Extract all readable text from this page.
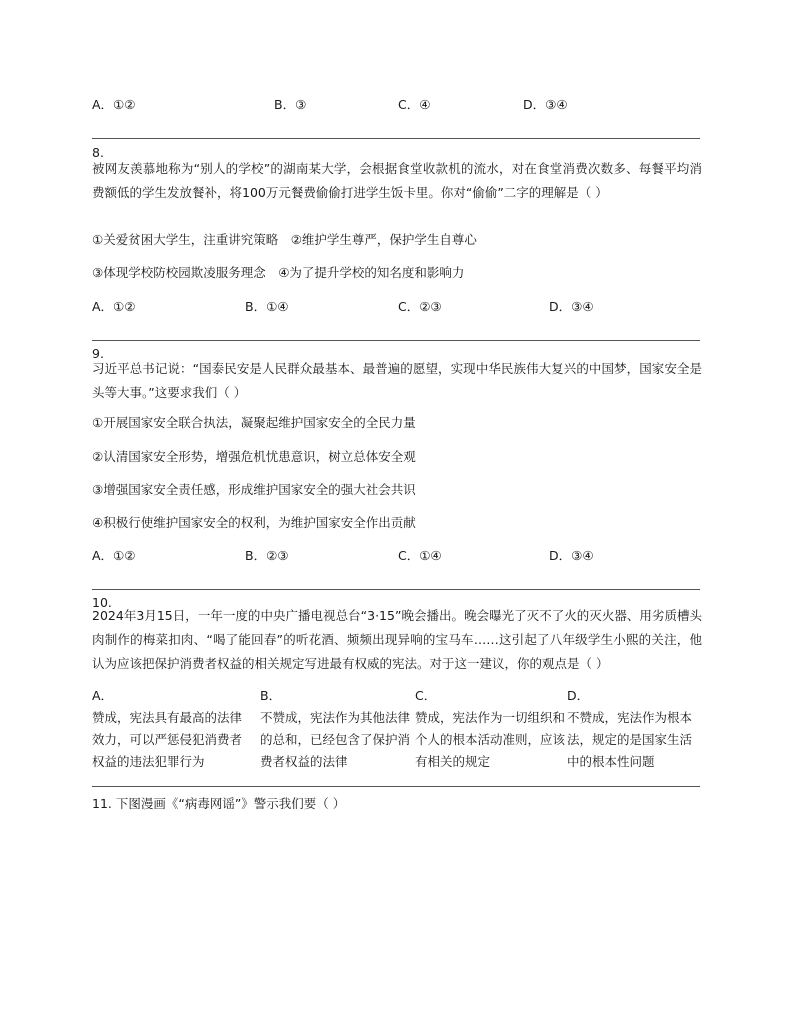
A．①②	B．③	C．④	D．③④
8.
被网友羡慕地称为“别人的学校”的湖南某大学，会根据食堂收款机的流水，对在食堂消费次数多、每餐平均消费额低的学生发放餐补，将100万元餐费偷偷打进学生饭卡里。你对“偷偷”二字的理解是（ ）
①关爱贫困大学生，注重讲究策略　②维护学生尊严，保护学生自尊心
③体现学校防校园欺凌服务理念　④为了提升学校的知名度和影响力
A．①②	B．①④	C．②③	D．③④
9.
习近平总书记说：“国泰民安是人民群众最基本、最普遍的愿望，实现中华民族伟大复兴的中国梦，国家安全是头等大事。”这要求我们（ ）
①开展国家安全联合执法，凝聚起维护国家安全的全民力量
②认清国家安全形势，增强危机忧患意识，树立总体安全观
③增强国家安全责任感，形成维护国家安全的强大社会共识
④积极行使维护国家安全的权利，为维护国家安全作出贡献
A．①②	B．②③	C．①④	D．③④
10.
2024年3月15日，一年一度的中央广播电视总台“3·15”晚会播出。晚会曝光了灭不了火的灭火器、用劣质槽头肉制作的梅菜扣肉、“喝了能回春”的听花酒、频频出现异响的宝马车……这引起了八年级学生小熙的关注，他认为应该把保护消费者权益的相关规定写进最有权威的宪法。对于这一建议，你的观点是（ ）
A．
赞成，宪法具有最高的法律效力，可以严惩侵犯消费者权益的违法犯罪行为
B．
不赞成，宪法作为其他法律的总和，已经包含了保护消费者权益的法律
C．
赞成，宪法作为一切组织和个人的根本活动准则，应该有相关的规定
D．
不赞成，宪法作为根本法，规定的是国家生活中的根本性问题
11. 下图漫画《“病毒网谣”》警示我们要（ ）
